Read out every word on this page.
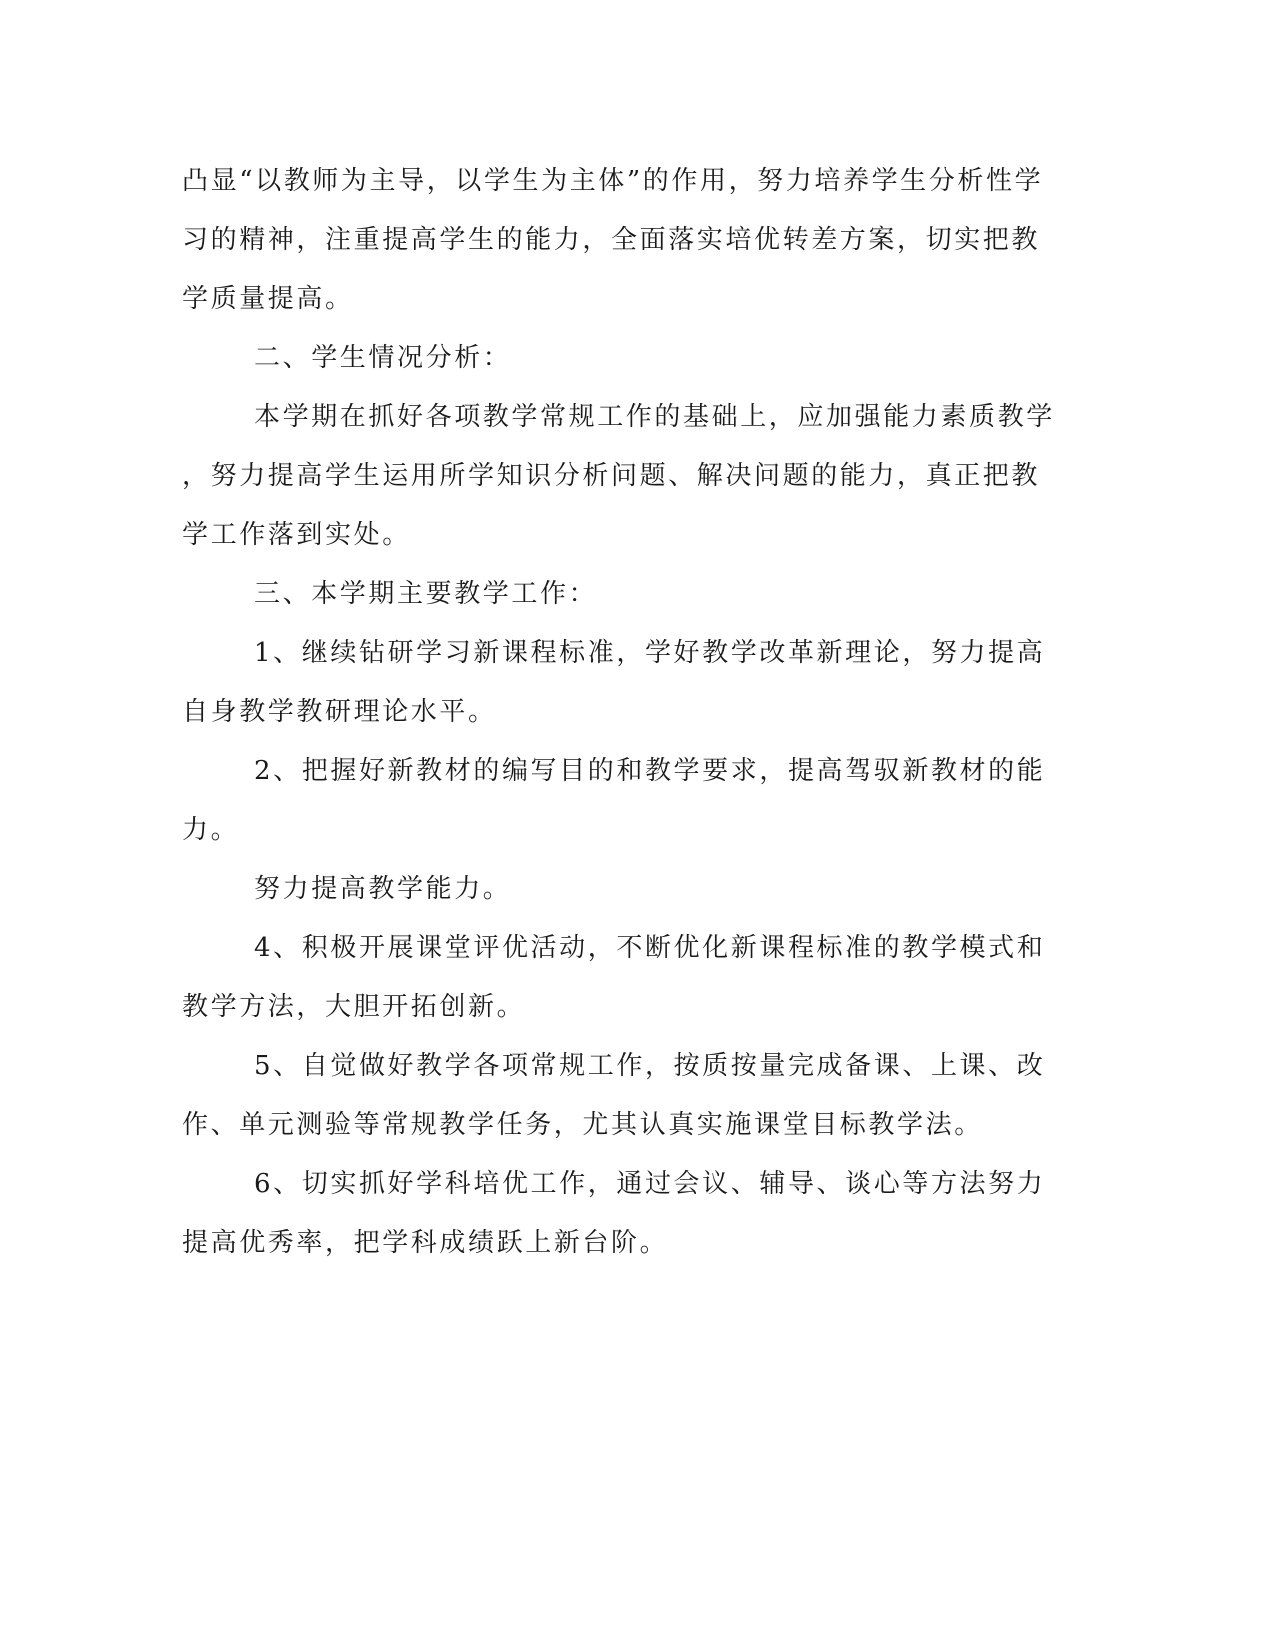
凸显“以教师为主导，以学生为主体”的作用，努力培养学生分析性学
习的精神，注重提高学生的能力，全面落实培优转差方案，切实把教
学质量提高。
二、学生情况分析：
本学期在抓好各项教学常规工作的基础上，应加强能力素质教学
，努力提高学生运用所学知识分析问题、解决问题的能力，真正把教
学工作落到实处。
三、本学期主要教学工作：
1、继续钻研学习新课程标准，学好教学改革新理论，努力提高
自身教学教研理论水平。
2、把握好新教材的编写目的和教学要求，提高驾驭新教材的能
力。
努力提高教学能力。
4、积极开展课堂评优活动，不断优化新课程标准的教学模式和
教学方法，大胆开拓创新。
5、自觉做好教学各项常规工作，按质按量完成备课、上课、改
作、单元测验等常规教学任务，尤其认真实施课堂目标教学法。
6、切实抓好学科培优工作，通过会议、辅导、谈心等方法努力
提高优秀率，把学科成绩跃上新台阶。
